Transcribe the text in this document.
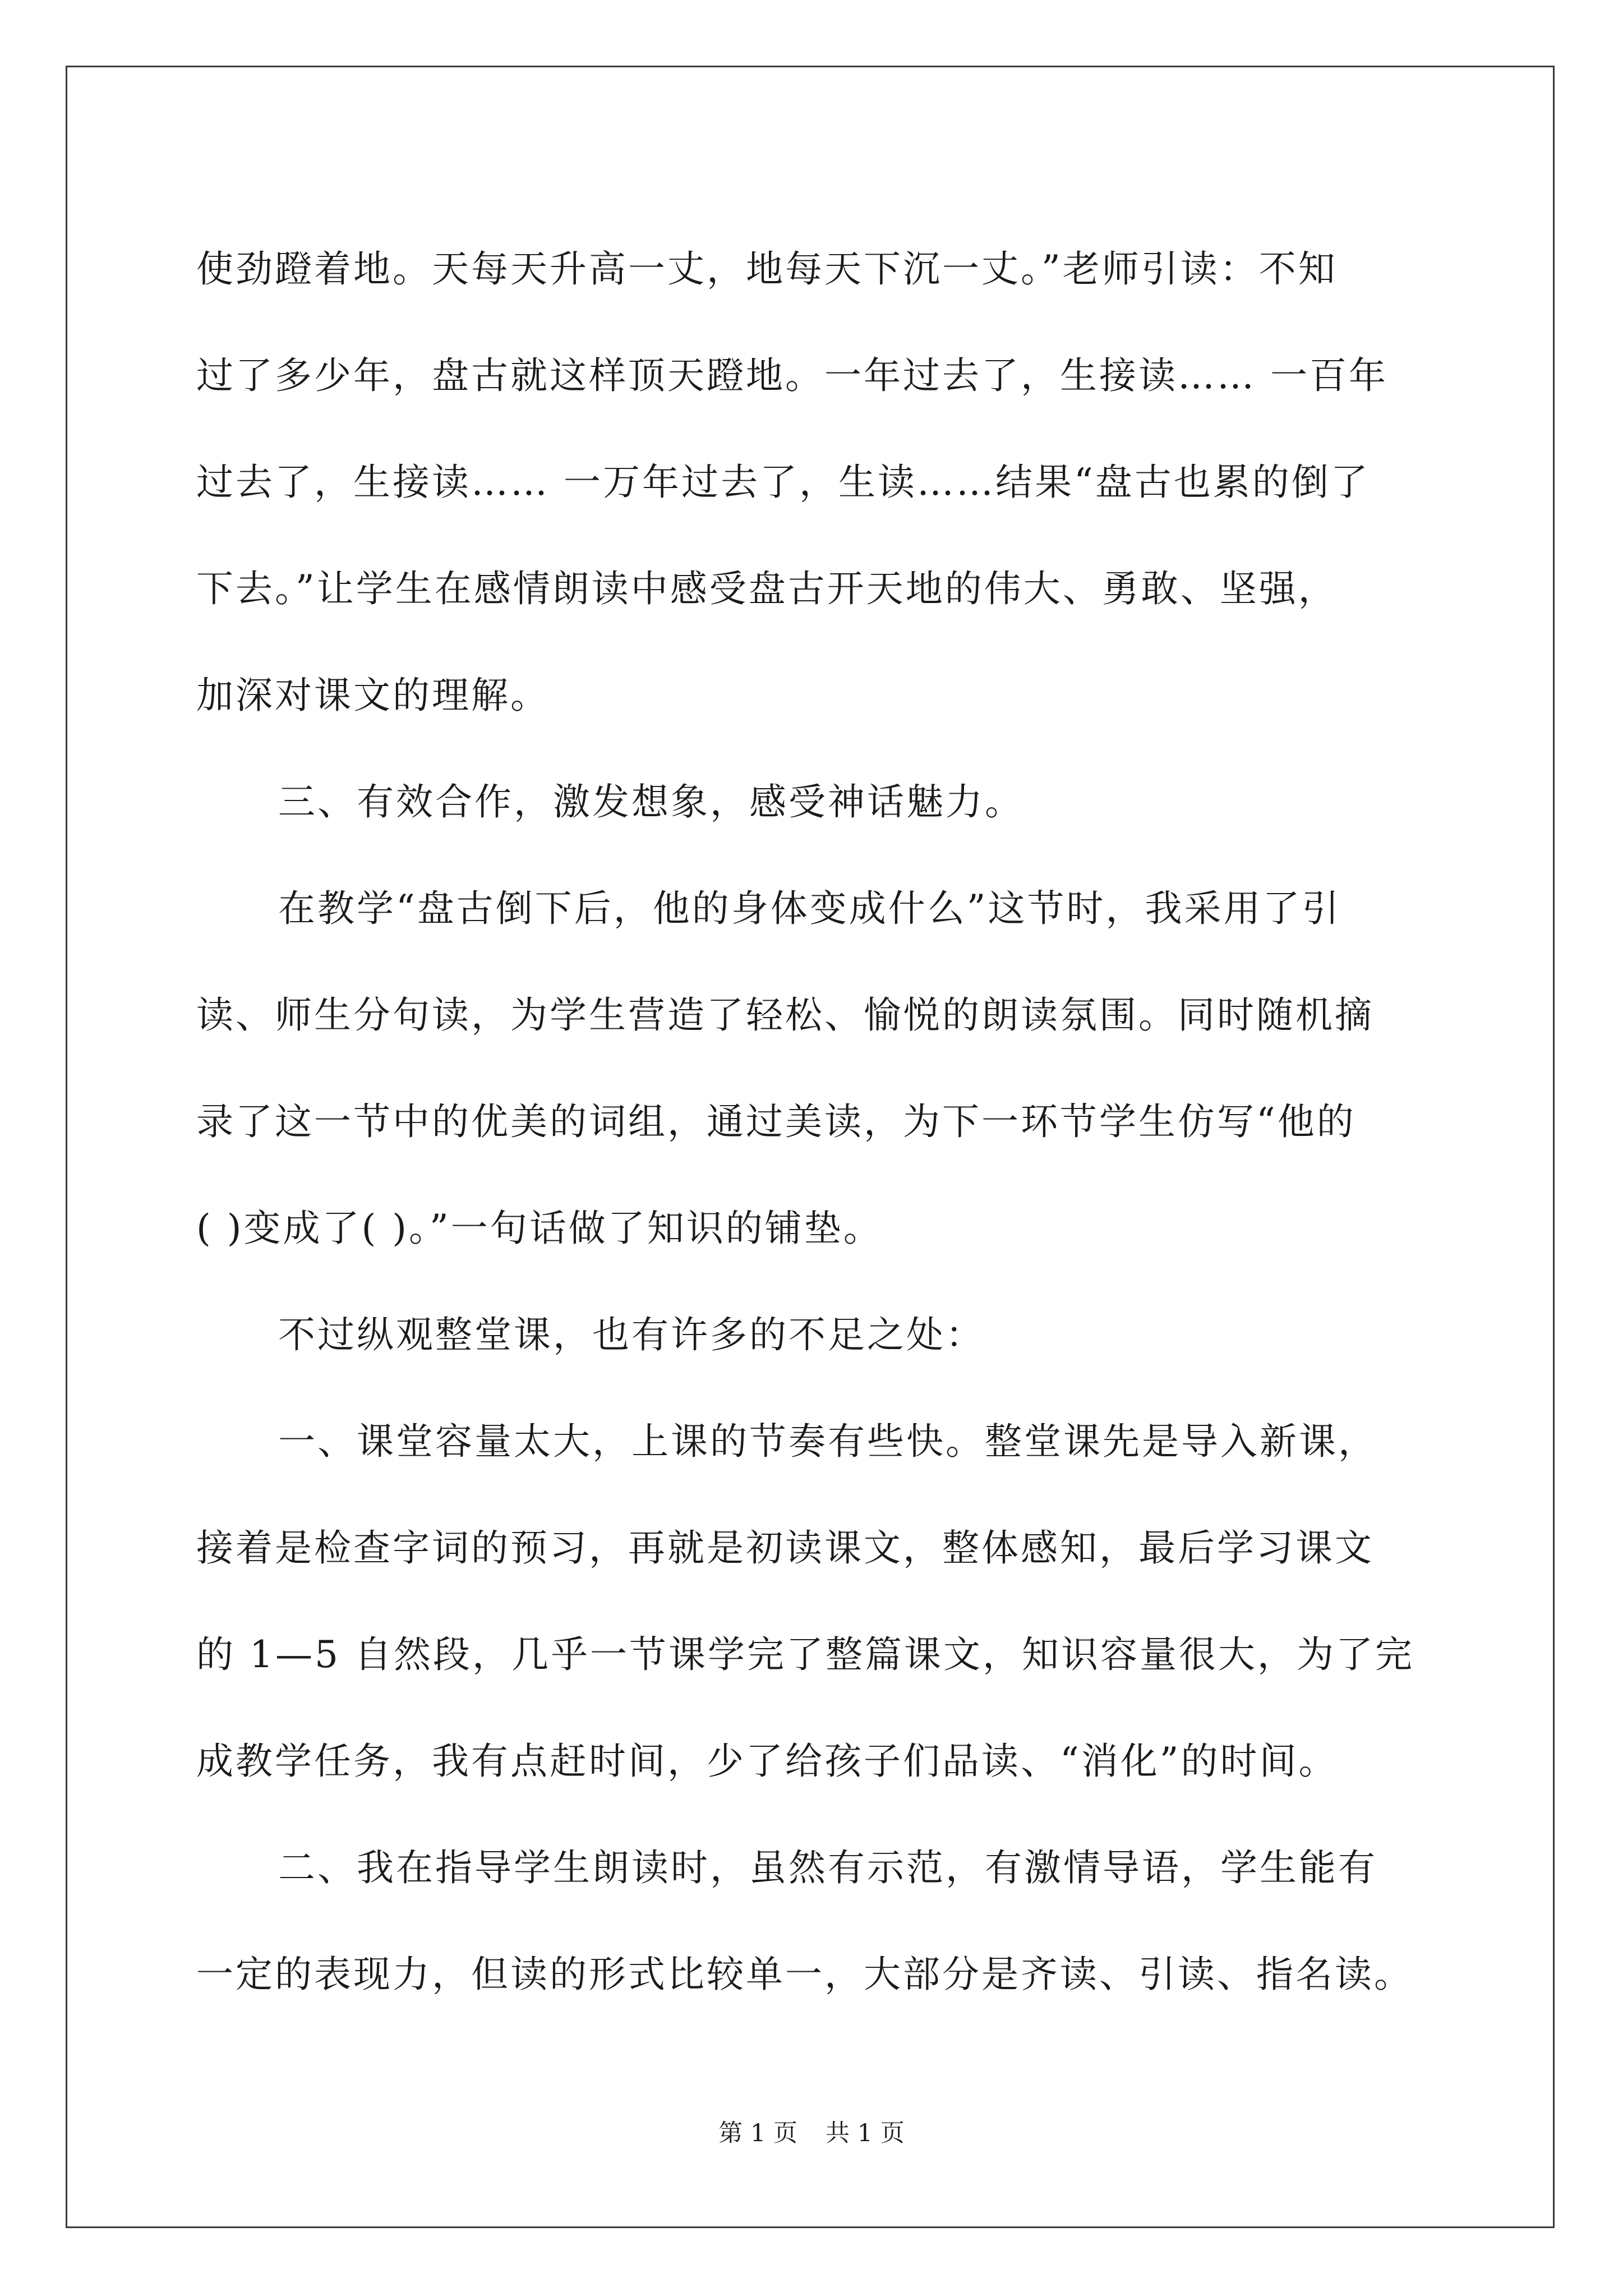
使劲蹬着地。天每天升高一丈，地每天下沉一丈。”老师引读：不知
过了多少年，盘古就这样顶天蹬地。一年过去了，生接读…… 一百年
过去了，生接读…… 一万年过去了，生读……结果“盘古也累的倒了
下去。”让学生在感情朗读中感受盘古开天地的伟大、勇敢、坚强，
加深对课文的理解。
三、有效合作，激发想象，感受神话魅力。
在教学“盘古倒下后，他的身体变成什么”这节时，我采用了引
读、师生分句读，为学生营造了轻松、愉悦的朗读氛围。同时随机摘
录了这一节中的优美的词组，通过美读，为下一环节学生仿写“他的
( )变成了( )。”一句话做了知识的铺垫。
不过纵观整堂课，也有许多的不足之处：
一、课堂容量太大，上课的节奏有些快。整堂课先是导入新课，
接着是检查字词的预习，再就是初读课文，整体感知，最后学习课文
的 1—5 自然段，几乎一节课学完了整篇课文，知识容量很大，为了完
成教学任务，我有点赶时间，少了给孩子们品读、“消化”的时间。
二、我在指导学生朗读时，虽然有示范，有激情导语，学生能有
一定的表现力，但读的形式比较单一，大部分是齐读、引读、指名读。
第 1 页 共 1 页
